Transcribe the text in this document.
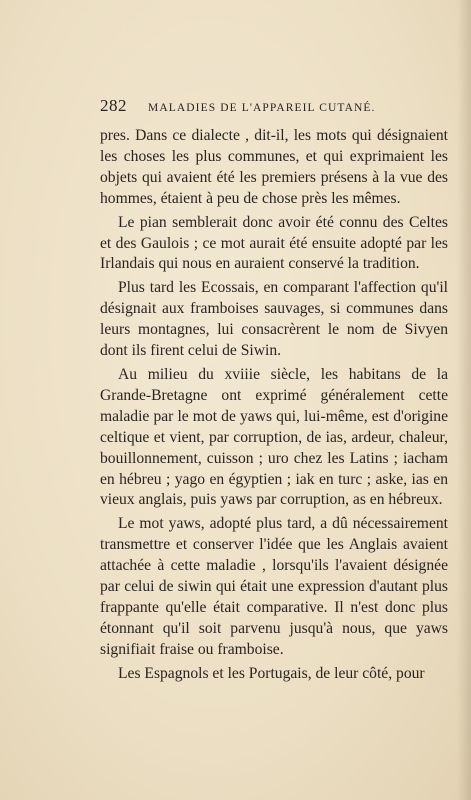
282	MALADIES DE L'APPAREIL CUTANÉ.

pres. Dans ce dialecte , dit-il, les mots qui désignaient les choses les plus communes, et qui exprimaient les objets qui avaient été les premiers présens à la vue des hommes, étaient à peu de chose près les mêmes.

Le pian semblerait donc avoir été connu des Celtes et des Gaulois ; ce mot aurait été ensuite adopté par les Irlandais qui nous en auraient conservé la tradition.

Plus tard les Ecossais, en comparant l'affection qu'il désignait aux framboises sauvages, si communes dans leurs montagnes, lui consacrèrent le nom de Sivyen dont ils firent celui de Siwin.

Au milieu du xviiie siècle, les habitans de la Grande-Bretagne ont exprimé généralement cette maladie par le mot de yaws qui, lui-même, est d'origine celtique et vient, par corruption, de ias, ardeur, chaleur, bouillonnement, cuisson ; uro chez les Latins ; iacham en hébreu ; yago en égyptien ; iak en turc ; aske, ias en vieux anglais, puis yaws par corruption, as en hébreux.

Le mot yaws, adopté plus tard, a dû nécessairement transmettre et conserver l'idée que les Anglais avaient attachée à cette maladie , lorsqu'ils l'avaient désignée par celui de siwin qui était une expression d'autant plus frappante qu'elle était comparative. Il n'est donc plus étonnant qu'il soit parvenu jusqu'à nous, que yaws signifiait fraise ou framboise.

Les Espagnols et les Portugais, de leur côté, pour
